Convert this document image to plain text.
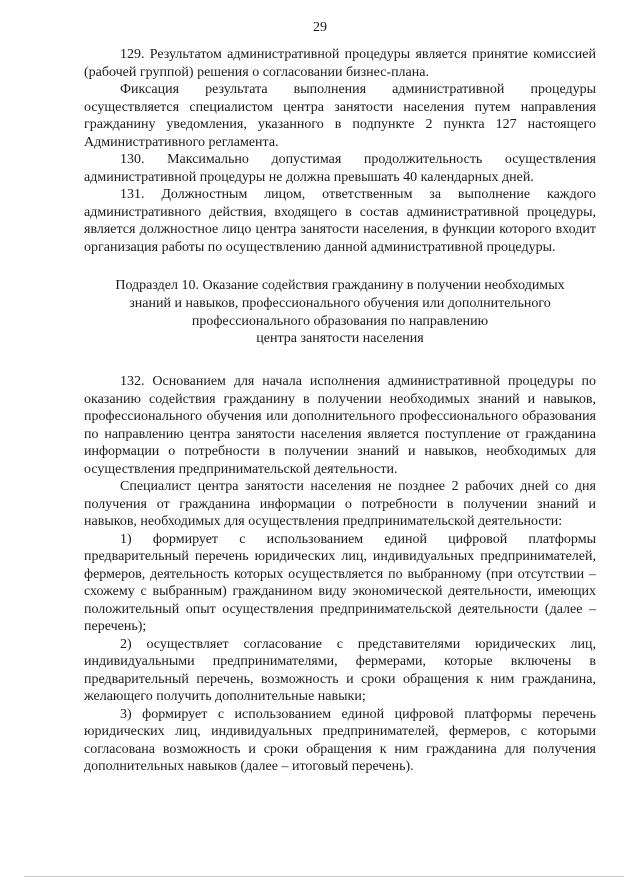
29

129. Результатом административной процедуры является принятие комиссией (рабочей группой) решения о согласовании бизнес-плана.

Фиксация результата выполнения административной процедуры осуществляется специалистом центра занятости населения путем направления гражданину уведомления, указанного в подпункте 2 пункта 127 настоящего Административного регламента.

130. Максимально допустимая продолжительность осуществления административной процедуры не должна превышать 40 календарных дней.

131. Должностным лицом, ответственным за выполнение каждого административного действия, входящего в состав административной процедуры, является должностное лицо центра занятости населения, в функции которого входит организация работы по осуществлению данной административной процедуры.

Подраздел 10. Оказание содействия гражданину в получении необходимых
знаний и навыков, профессионального обучения или дополнительного
профессионального образования по направлению
центра занятости населения

132. Основанием для начала исполнения административной процедуры по оказанию содействия гражданину в получении необходимых знаний и навыков, профессионального обучения или дополнительного профессионального образования по направлению центра занятости населения является поступление от гражданина информации о потребности в получении знаний и навыков, необходимых для осуществления предпринимательской деятельности.

Специалист центра занятости населения не позднее 2 рабочих дней со дня получения от гражданина информации о потребности в получении знаний и навыков, необходимых для осуществления предпринимательской деятельности:

1) формирует с использованием единой цифровой платформы предварительный перечень юридических лиц, индивидуальных предпринимателей, фермеров, деятельность которых осуществляется по выбранному (при отсутствии – схожему с выбранным) гражданином виду экономической деятельности, имеющих положительный опыт осуществления предпринимательской деятельности (далее – перечень);

2) осуществляет согласование с представителями юридических лиц, индивидуальными предпринимателями, фермерами, которые включены в предварительный перечень, возможность и сроки обращения к ним гражданина, желающего получить дополнительные навыки;

3) формирует с использованием единой цифровой платформы перечень юридических лиц, индивидуальных предпринимателей, фермеров, с которыми согласована возможность и сроки обращения к ним гражданина для получения дополнительных навыков (далее – итоговый перечень).
